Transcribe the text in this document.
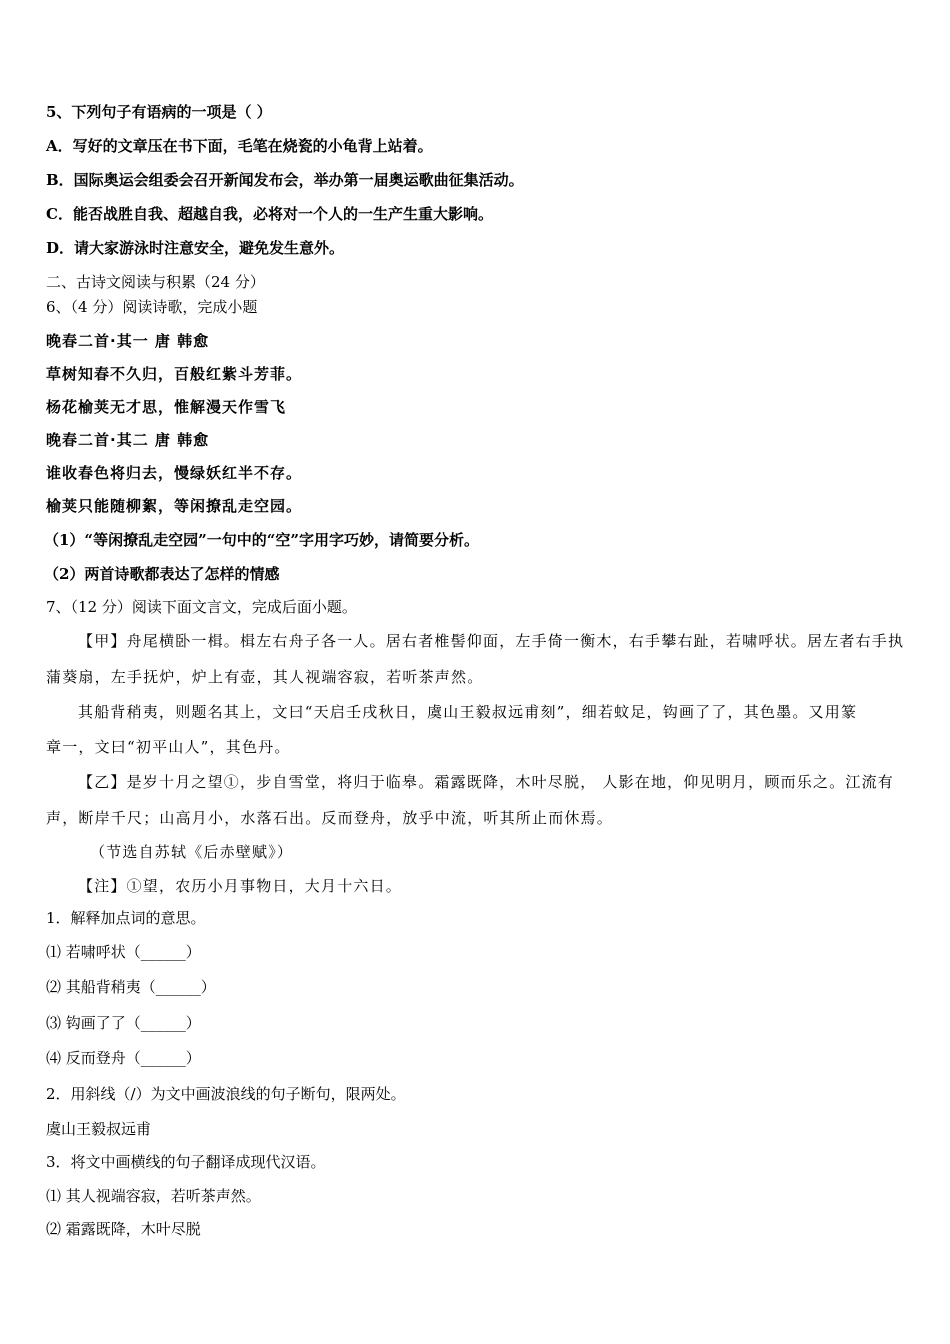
5、下列句子有语病的一项是（ ）
A．写好的文章压在书下面，毛笔在烧瓷的小龟背上站着。
B．国际奥运会组委会召开新闻发布会，举办第一届奥运歌曲征集活动。
C．能否战胜自我、超越自我，必将对一个人的一生产生重大影响。
D．请大家游泳时注意安全，避免发生意外。
二、古诗文阅读与积累（24 分）
6、（4 分）阅读诗歌，完成小题
晚春二首·其一 唐 韩愈
草树知春不久归，百般红紫斗芳菲。
杨花榆荚无才思，惟解漫天作雪飞
晚春二首·其二 唐 韩愈
谁收春色将归去，慢绿妖红半不存。
榆荚只能随柳絮，等闲撩乱走空园。
（1）“等闲撩乱走空园”一句中的“空”字用字巧妙，请简要分析。
（2）两首诗歌都表达了怎样的情感
7、（12 分）阅读下面文言文，完成后面小题。
【甲】舟尾横卧一楫。楫左右舟子各一人。居右者椎髻仰面，左手倚一衡木，右手攀右趾，若啸呼状。居左者右手执
蒲葵扇，左手抚炉，炉上有壶，其人视端容寂，若听茶声然。
其船背稍夷，则题名其上，文曰“天启壬戌秋日，虞山王毅叔远甫刻”，细若蚊足，钩画了了，其色墨。又用篆
章一，文曰“初平山人”，其色丹。
【乙】是岁十月之望①，步自雪堂，将归于临皋。霜露既降，木叶尽脱， 人影在地，仰见明月，顾而乐之。江流有
声，断岸千尺；山高月小，水落石出。反而登舟，放乎中流，听其所止而休焉。
（节选自苏轼《后赤壁赋》）
【注】①望，农历小月事物日，大月十六日。
1．解释加点词的意思。
⑴ 若啸呼状（______）
⑵ 其船背稍夷（______）
⑶ 钩画了了（______）
⑷ 反而登舟（______）
2．用斜线（/）为文中画波浪线的句子断句，限两处。
虞山王毅叔远甫
3．将文中画横线的句子翻译成现代汉语。
⑴ 其人视端容寂，若听茶声然。
⑵ 霜露既降，木叶尽脱
